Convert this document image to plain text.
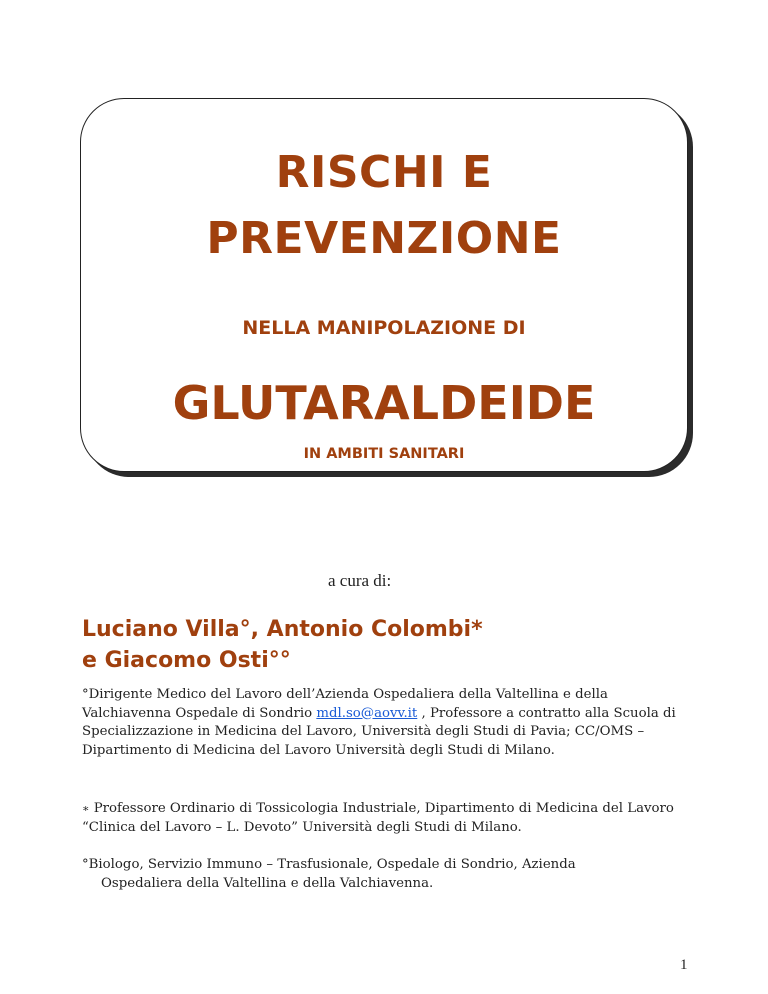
RISCHI E
PREVENZIONE
NELLA MANIPOLAZIONE DI
GLUTARALDEIDE
IN AMBITI SANITARI
a cura di:
Luciano Villa°, Antonio Colombi*
e Giacomo Osti°°
°Dirigente Medico del Lavoro dell’Azienda Ospedaliera della Valtellina e della Valchiavenna Ospedale di Sondrio mdl.so@aovv.it , Professore a contratto alla Scuola di Specializzazione in Medicina del Lavoro, Università degli Studi di Pavia; CC/OMS – Dipartimento di Medicina del Lavoro Università degli Studi di Milano.
∗ Professore Ordinario di Tossicologia Industriale, Dipartimento di Medicina del Lavoro “Clinica del Lavoro – L. Devoto” Università degli Studi di Milano.
°Biologo, Servizio Immuno – Trasfusionale, Ospedale di Sondrio, Azienda
Ospedaliera della Valtellina e della Valchiavenna.
1
